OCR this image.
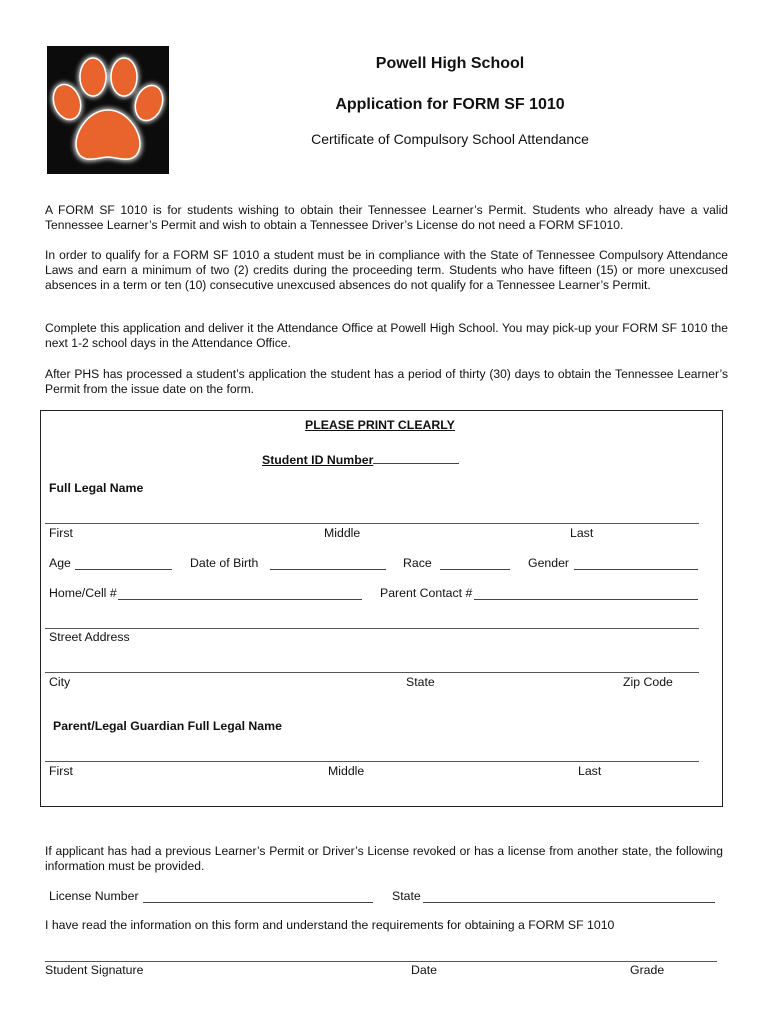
Powell High School
Application for FORM SF 1010
Certificate of Compulsory School Attendance

A FORM SF 1010 is for students wishing to obtain their Tennessee Learner’s Permit. Students who already have a valid Tennessee Learner’s Permit and wish to obtain a Tennessee Driver’s License do not need a FORM SF1010.

In order to qualify for a FORM SF 1010 a student must be in compliance with the State of Tennessee Compulsory Attendance Laws and earn a minimum of two (2) credits during the proceeding term. Students who have fifteen (15) or more unexcused absences in a term or ten (10) consecutive unexcused absences do not qualify for a Tennessee Learner’s Permit.

Complete this application and deliver it the Attendance Office at Powell High School. You may pick-up your FORM SF 1010 the next 1-2 school days in the Attendance Office.

After PHS has processed a student’s application the student has a period of thirty (30) days to obtain the Tennessee Learner’s Permit from the issue date on the form.

PLEASE PRINT CLEARLY
Student ID Number
Full Legal Name
First	Middle	Last
Age	Date of Birth	Race	Gender
Home/Cell #	Parent Contact #
Street Address
City	State	Zip Code
Parent/Legal Guardian Full Legal Name
First	Middle	Last

If applicant has had a previous Learner’s Permit or Driver’s License revoked or has a license from another state, the following information must be provided.

License Number	State
I have read the information on this form and understand the requirements for obtaining a FORM SF 1010
Student Signature	Date	Grade
